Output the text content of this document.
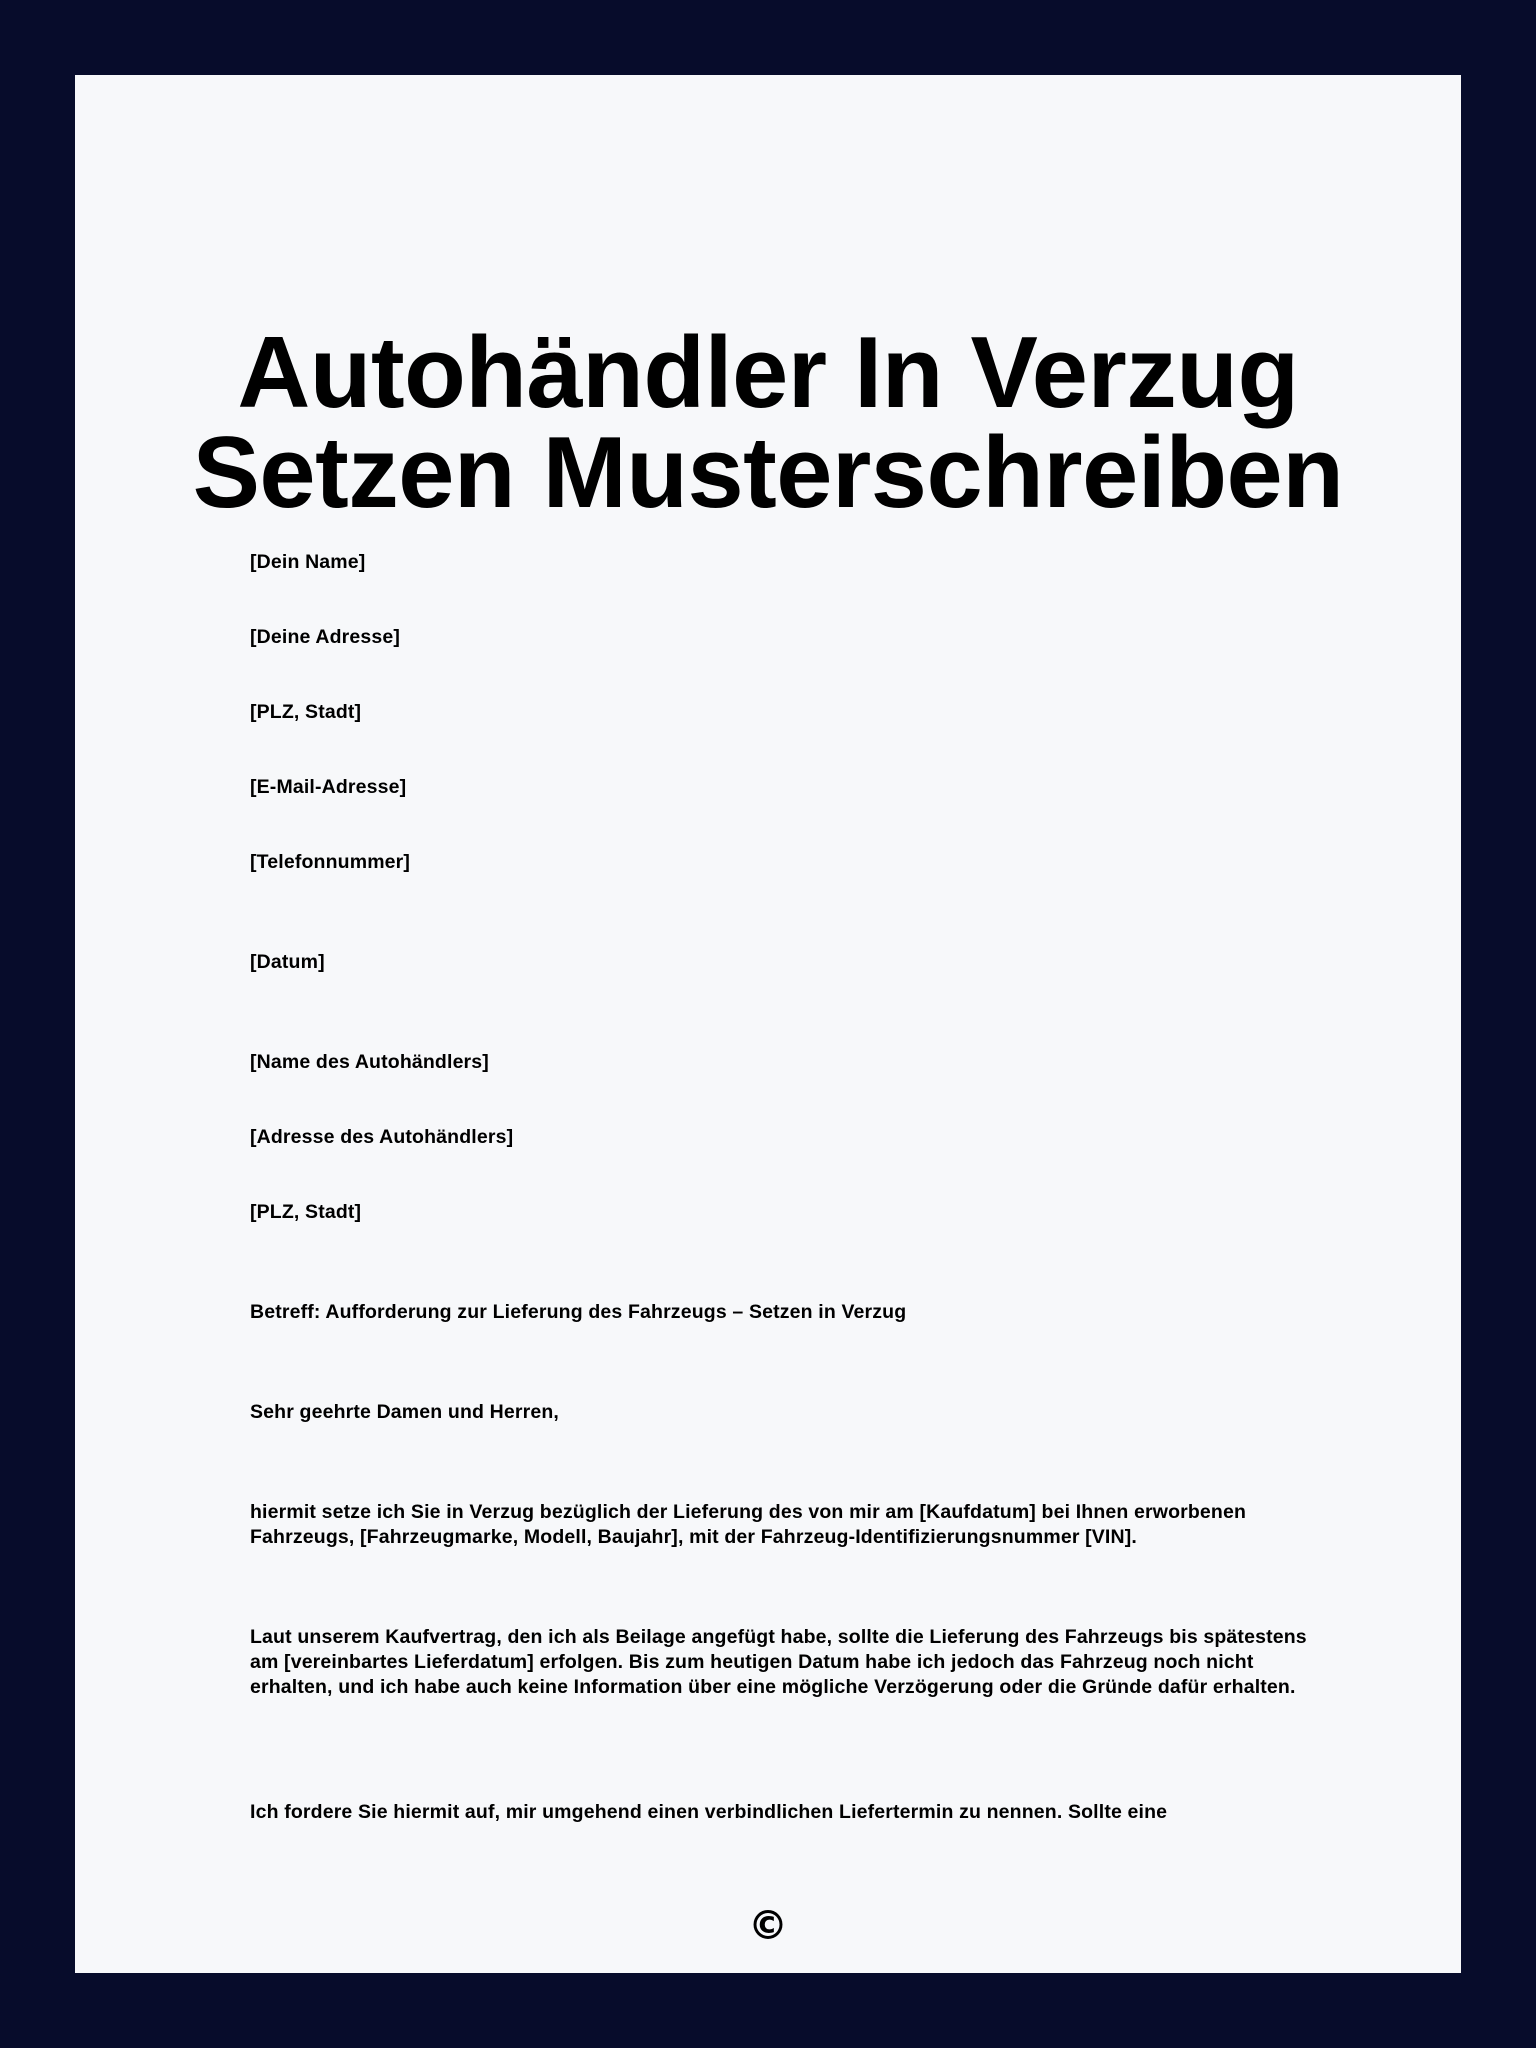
Autohändler In Verzug
Setzen Musterschreiben

[Dein Name]

[Deine Adresse]

[PLZ, Stadt]

[E-Mail-Adresse]

[Telefonnummer]

[Datum]

[Name des Autohändlers]

[Adresse des Autohändlers]

[PLZ, Stadt]

Betreff: Aufforderung zur Lieferung des Fahrzeugs – Setzen in Verzug

Sehr geehrte Damen und Herren,

hiermit setze ich Sie in Verzug bezüglich der Lieferung des von mir am [Kaufdatum] bei Ihnen erworbenen Fahrzeugs, [Fahrzeugmarke, Modell, Baujahr], mit der Fahrzeug-Identifizierungsnummer [VIN].

Laut unserem Kaufvertrag, den ich als Beilage angefügt habe, sollte die Lieferung des Fahrzeugs bis spätestens am [vereinbartes Lieferdatum] erfolgen. Bis zum heutigen Datum habe ich jedoch das Fahrzeug noch nicht erhalten, und ich habe auch keine Information über eine mögliche Verzögerung oder die Gründe dafür erhalten.

Ich fordere Sie hiermit auf, mir umgehend einen verbindlichen Liefertermin zu nennen. Sollte eine

©
